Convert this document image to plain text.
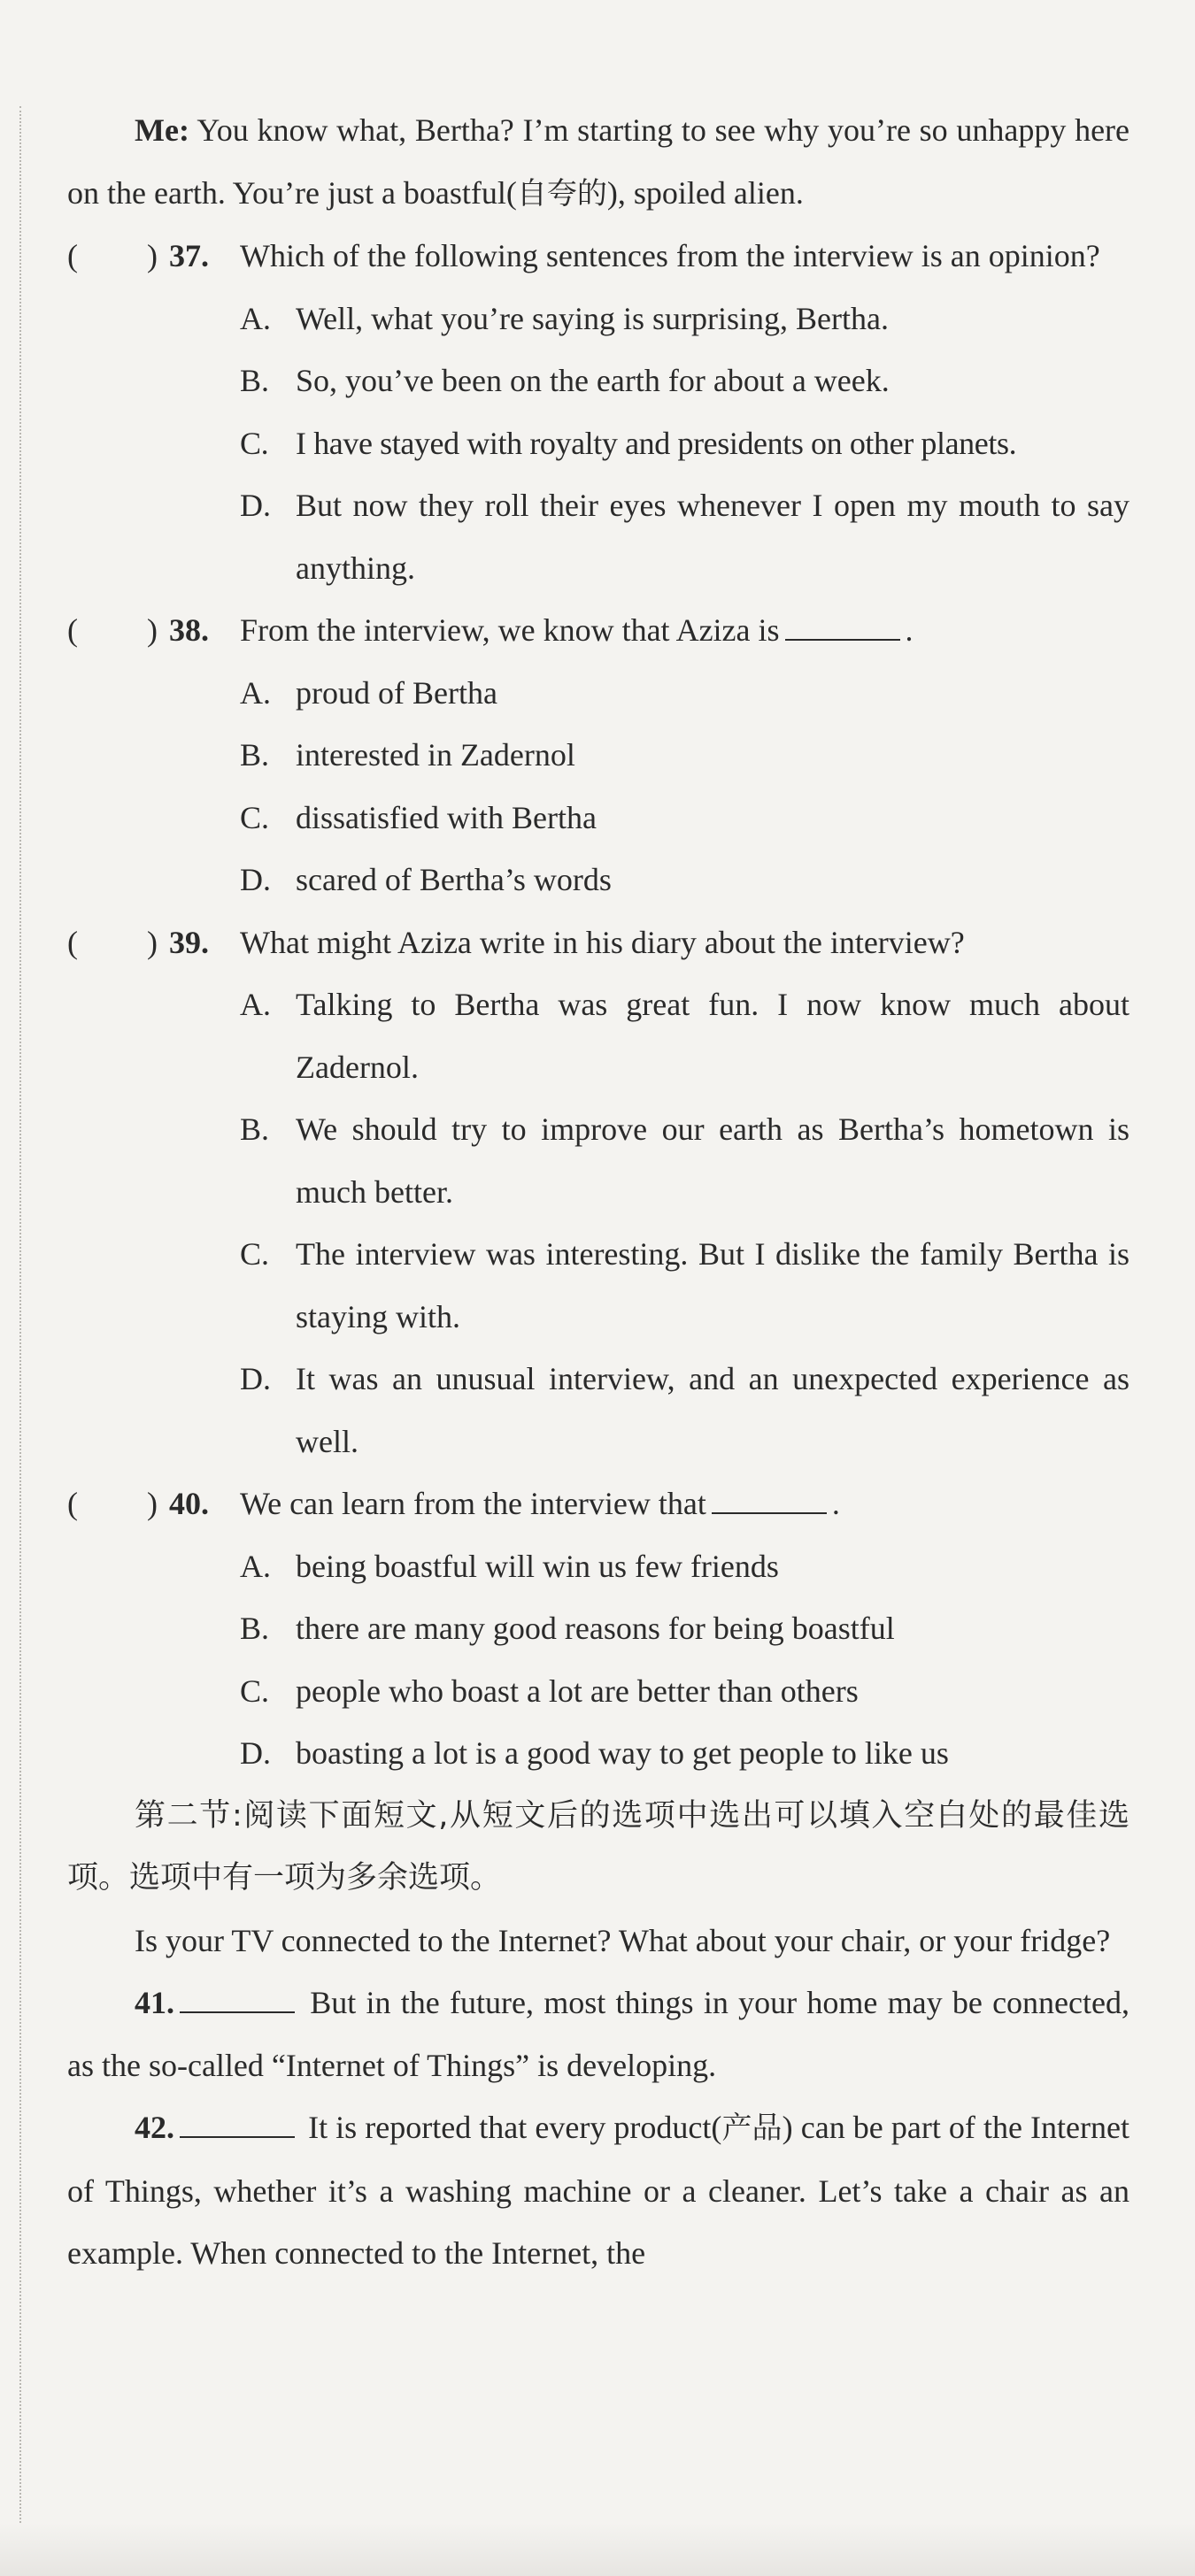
Me: You know what, Bertha? I’m starting to see why you’re so unhappy here on the earth. You’re just a boastful(自夸的), spoiled alien.

( ) 37. Which of the following sentences from the interview is an opinion?

A. Well, what you’re saying is surprising, Bertha.

B. So, you’ve been on the earth for about a week.

C. I have stayed with royalty and presidents on other planets.

D. But now they roll their eyes whenever I open my mouth to say anything.

( ) 38. From the interview, we know that Aziza is	.

A. proud of Bertha

B. interested in Zadernol

C. dissatisfied with Bertha

D. scared of Bertha’s words

( ) 39. What might Aziza write in his diary about the interview?

A. Talking to Bertha was great fun. I now know much about Zadernol.

B. We should try to improve our earth as Bertha’s hometown is much better.

C. The interview was interesting. But I dislike the family Bertha is staying with.

D. It was an unusual interview, and an unexpected experience as well.

( ) 40. We can learn from the interview that	.

A. being boastful will win us few friends

B. there are many good reasons for being boastful

C. people who boast a lot are better than others

D. boasting a lot is a good way to get people to like us

第二节:阅读下面短文,从短文后的选项中选出可以填入空白处的最佳选项。选项中有一项为多余选项。

Is your TV connected to the Internet? What about your chair, or your fridge?

41.	But in the future, most things in your home may be connected, as the so-called “Internet of Things” is developing.

42.	It is reported that every product(产品) can be part of the Internet of Things, whether it’s a washing machine or a cleaner. Let’s take a chair as an example. When connected to the Internet, the
